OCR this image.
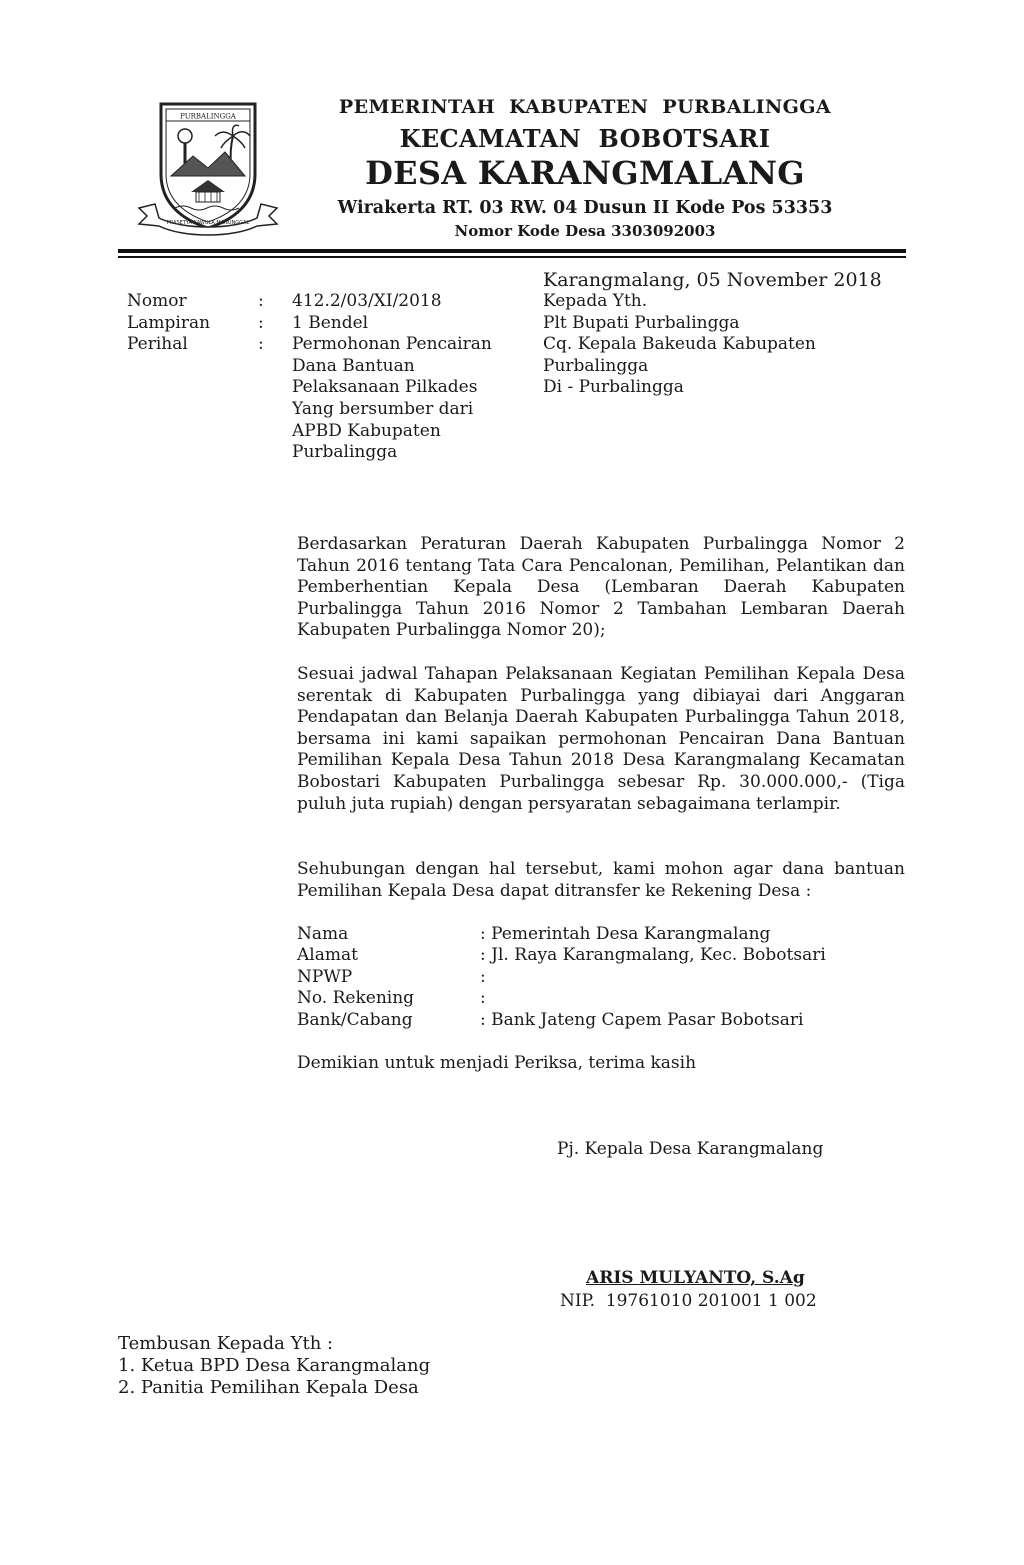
PURBALINGGA
PRASETYA KAWULA MANUNGGAL
PEMERINTAH  KABUPATEN  PURBALINGGA
KECAMATAN  BOBOTSARI
DESA KARANGMALANG
Wirakerta RT. 03 RW. 04 Dusun II Kode Pos 53353
Nomor Kode Desa 3303092003
Karangmalang, 05 November 2018
Nomor	: 412.2/03/XI/2018
Lampiran	: 1 Bendel
Perihal	: Permohonan Pencairan
Dana Bantuan
Pelaksanaan Pilkades
Yang bersumber dari
APBD Kabupaten
Purbalingga
Kepada Yth.
Plt Bupati Purbalingga
Cq. Kepala Bakeuda Kabupaten
Purbalingga
Di - Purbalingga
Berdasarkan Peraturan Daerah Kabupaten Purbalingga Nomor 2 Tahun 2016 tentang Tata Cara Pencalonan, Pemilihan, Pelantikan dan Pemberhentian Kepala Desa (Lembaran Daerah Kabupaten Purbalingga Tahun 2016 Nomor 2 Tambahan Lembaran Daerah Kabupaten Purbalingga Nomor 20);
Sesuai jadwal Tahapan Pelaksanaan Kegiatan Pemilihan Kepala Desa serentak di Kabupaten Purbalingga yang dibiayai dari Anggaran Pendapatan dan Belanja Daerah Kabupaten Purbalingga Tahun 2018, bersama ini kami sapaikan permohonan Pencairan Dana Bantuan Pemilihan Kepala Desa Tahun 2018 Desa Karangmalang Kecamatan Bobostari Kabupaten Purbalingga sebesar Rp. 30.000.000,- (Tiga puluh juta rupiah) dengan persyaratan sebagaimana terlampir.
Sehubungan dengan hal tersebut, kami mohon agar dana bantuan Pemilihan Kepala Desa dapat ditransfer ke Rekening Desa :
Nama	: Pemerintah Desa Karangmalang
Alamat	: Jl. Raya Karangmalang, Kec. Bobotsari
NPWP	:
No. Rekening	:
Bank/Cabang	: Bank Jateng Capem Pasar Bobotsari
Demikian untuk menjadi Periksa, terima kasih
Pj. Kepala Desa Karangmalang
ARIS MULYANTO, S.Ag
NIP.  19761010 201001 1 002
Tembusan Kepada Yth :
1. Ketua BPD Desa Karangmalang
2. Panitia Pemilihan Kepala Desa
